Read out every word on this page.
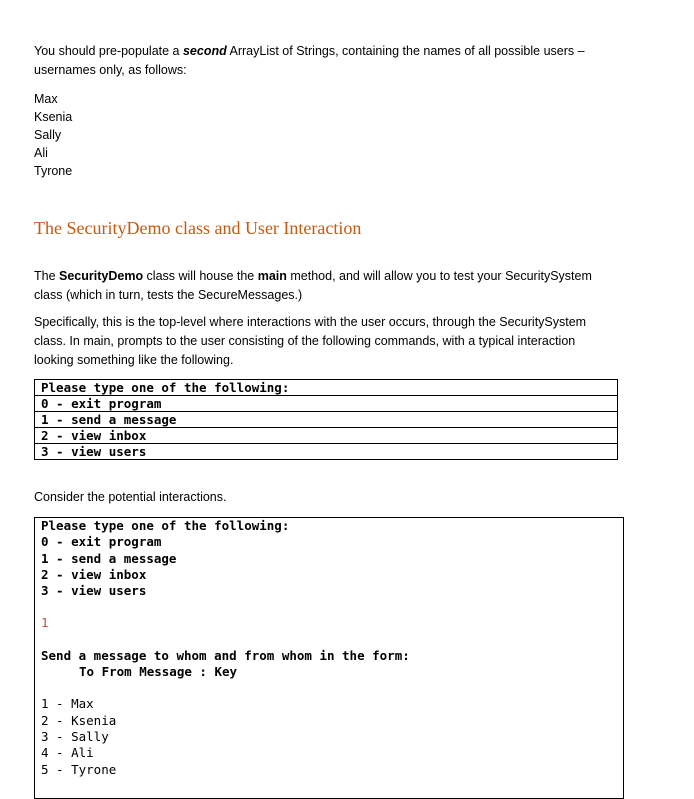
You should pre-populate a second ArrayList of Strings, containing the names of all possible users – usernames only, as follows:

Max
Ksenia
Sally
Ali
Tyrone
The SecurityDemo class and User Interaction

The SecurityDemo class will house the main method, and will allow you to test your SecuritySystem class (which in turn, tests the SecureMessages.)

Specifically, this is the top-level where interactions with the user occurs, through the SecuritySystem class. In main, prompts to the user consisting of the following commands, with a typical interaction looking something like the following.

Please type one of the following:
0 - exit program
1 - send a message
2 - view inbox
3 - view users

Consider the potential interactions.

Please type one of the following:
0 - exit program
1 - send a message
2 - view inbox
3 - view users
1
Send a message to whom and from whom in the form:
To From Message : Key
1 - Max
2 - Ksenia
3 - Sally
4 - Ali
5 - Tyrone
